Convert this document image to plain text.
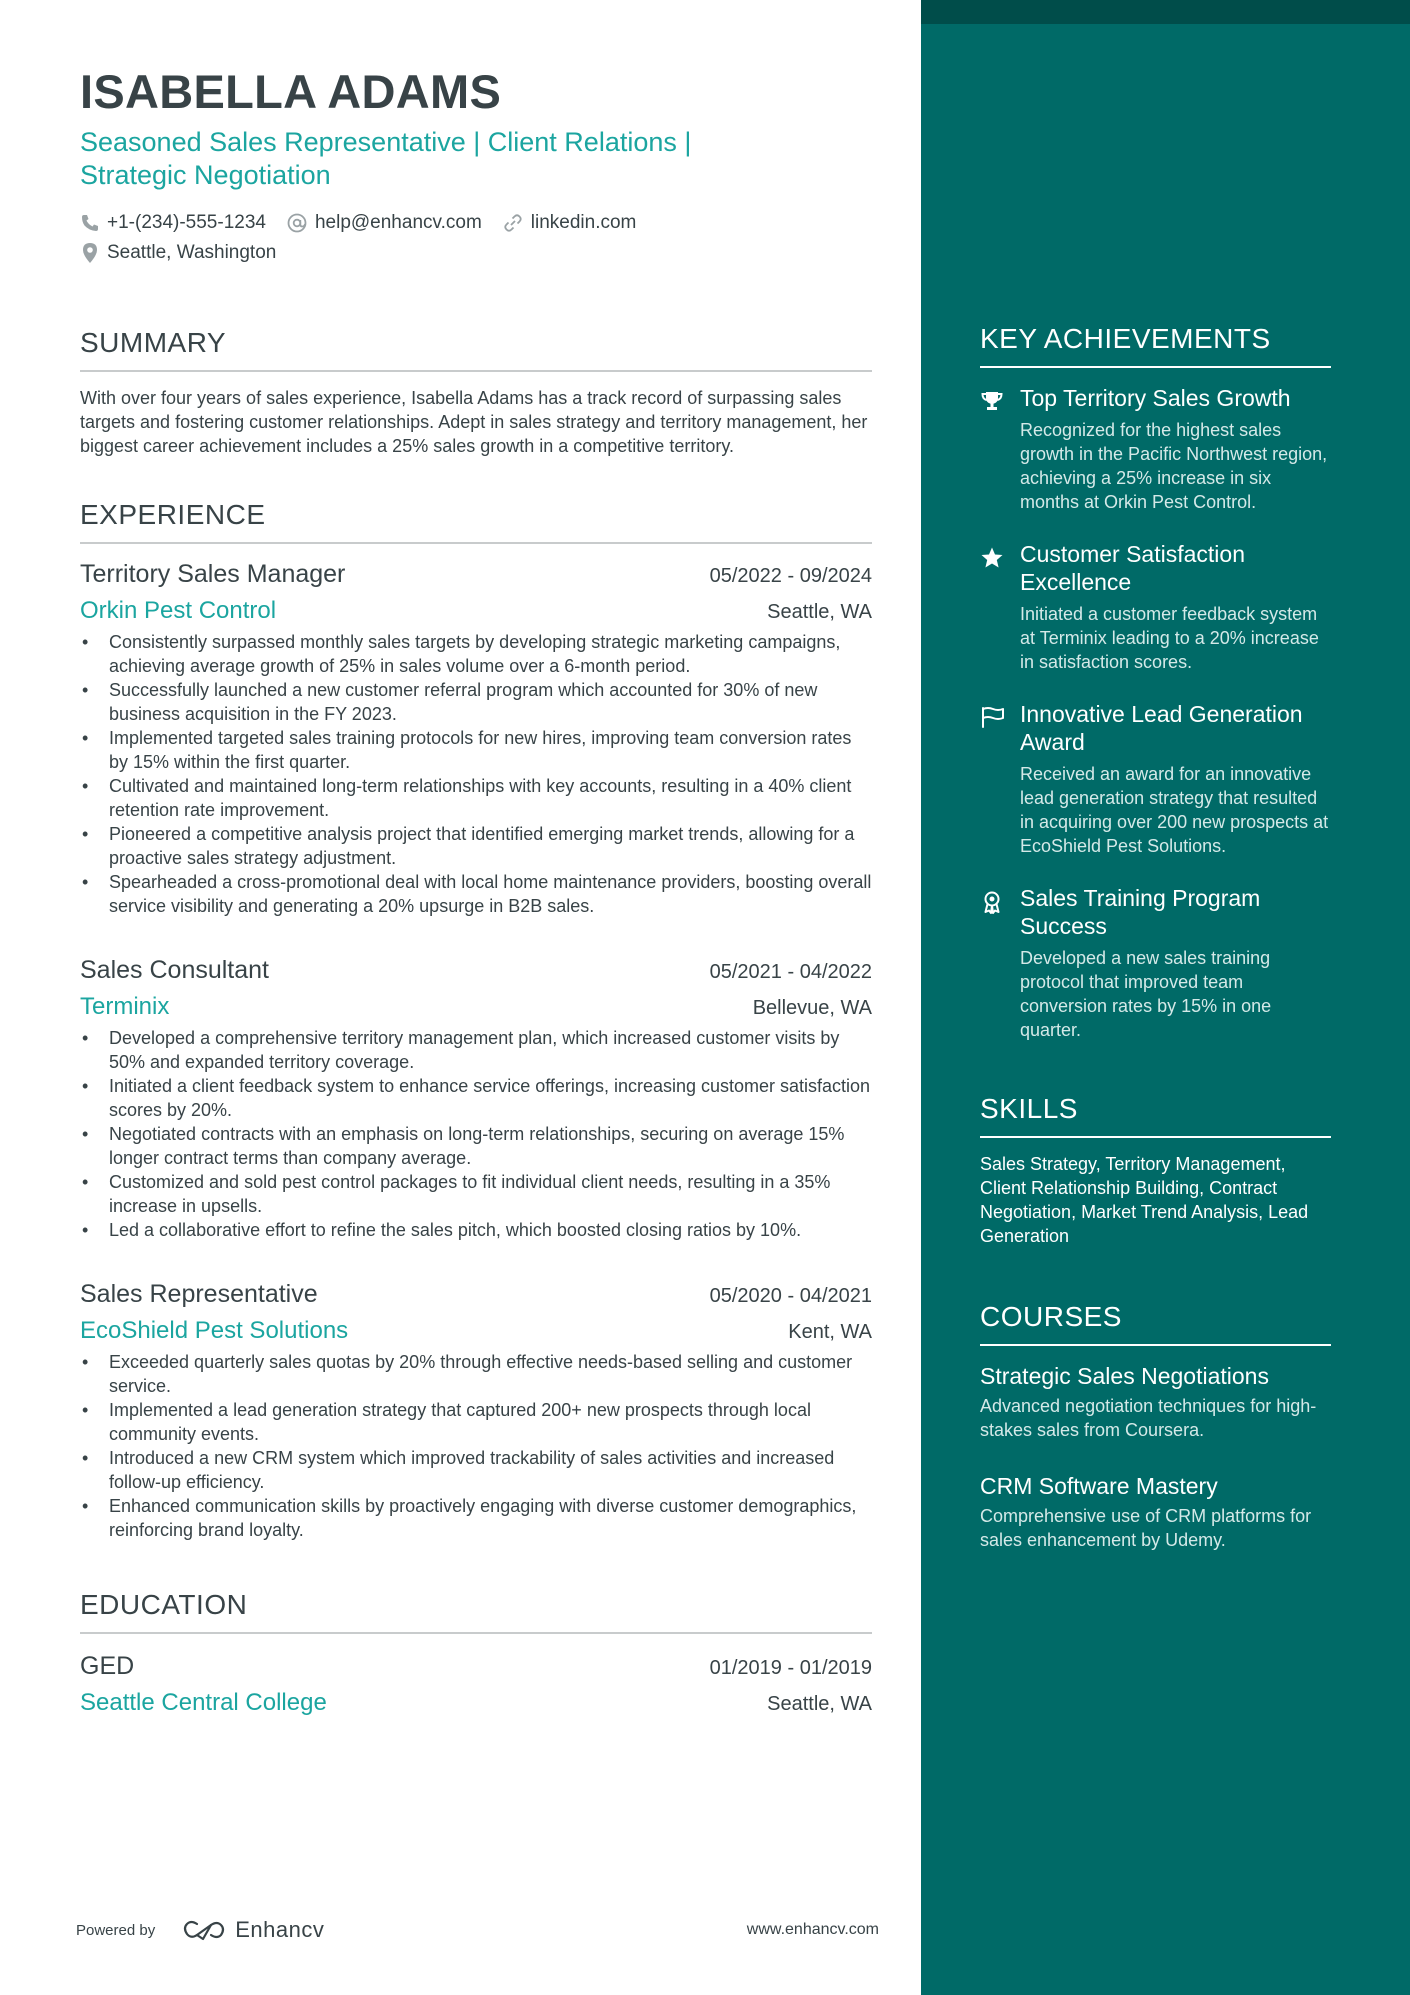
ISABELLA ADAMS
Seasoned Sales Representative | Client Relations |
Strategic Negotiation
+1-(234)-555-1234	help@enhancv.com	linkedin.com
Seattle, Washington
SUMMARY
With over four years of sales experience, Isabella Adams has a track record of surpassing sales targets and fostering customer relationships. Adept in sales strategy and territory management, her biggest career achievement includes a 25% sales growth in a competitive territory.
EXPERIENCE
Territory Sales Manager	05/2022 - 09/2024
Orkin Pest Control	Seattle, WA
• Consistently surpassed monthly sales targets by developing strategic marketing campaigns, achieving average growth of 25% in sales volume over a 6-month period.
• Successfully launched a new customer referral program which accounted for 30% of new business acquisition in the FY 2023.
• Implemented targeted sales training protocols for new hires, improving team conversion rates by 15% within the first quarter.
• Cultivated and maintained long-term relationships with key accounts, resulting in a 40% client retention rate improvement.
• Pioneered a competitive analysis project that identified emerging market trends, allowing for a proactive sales strategy adjustment.
• Spearheaded a cross-promotional deal with local home maintenance providers, boosting overall service visibility and generating a 20% upsurge in B2B sales.
Sales Consultant	05/2021 - 04/2022
Terminix	Bellevue, WA
• Developed a comprehensive territory management plan, which increased customer visits by 50% and expanded territory coverage.
• Initiated a client feedback system to enhance service offerings, increasing customer satisfaction scores by 20%.
• Negotiated contracts with an emphasis on long-term relationships, securing on average 15% longer contract terms than company average.
• Customized and sold pest control packages to fit individual client needs, resulting in a 35% increase in upsells.
• Led a collaborative effort to refine the sales pitch, which boosted closing ratios by 10%.
Sales Representative	05/2020 - 04/2021
EcoShield Pest Solutions	Kent, WA
• Exceeded quarterly sales quotas by 20% through effective needs-based selling and customer service.
• Implemented a lead generation strategy that captured 200+ new prospects through local community events.
• Introduced a new CRM system which improved trackability of sales activities and increased follow-up efficiency.
• Enhanced communication skills by proactively engaging with diverse customer demographics, reinforcing brand loyalty.
EDUCATION
GED	01/2019 - 01/2019
Seattle Central College	Seattle, WA
Powered by	Enhancv	www.enhancv.com
KEY ACHIEVEMENTS
Top Territory Sales Growth
Recognized for the highest sales growth in the Pacific Northwest region, achieving a 25% increase in six months at Orkin Pest Control.
Customer Satisfaction Excellence
Initiated a customer feedback system at Terminix leading to a 20% increase in satisfaction scores.
Innovative Lead Generation Award
Received an award for an innovative lead generation strategy that resulted in acquiring over 200 new prospects at EcoShield Pest Solutions.
Sales Training Program Success
Developed a new sales training protocol that improved team conversion rates by 15% in one quarter.
SKILLS
Sales Strategy, Territory Management, Client Relationship Building, Contract Negotiation, Market Trend Analysis, Lead Generation
COURSES
Strategic Sales Negotiations
Advanced negotiation techniques for high-stakes sales from Coursera.
CRM Software Mastery
Comprehensive use of CRM platforms for sales enhancement by Udemy.
